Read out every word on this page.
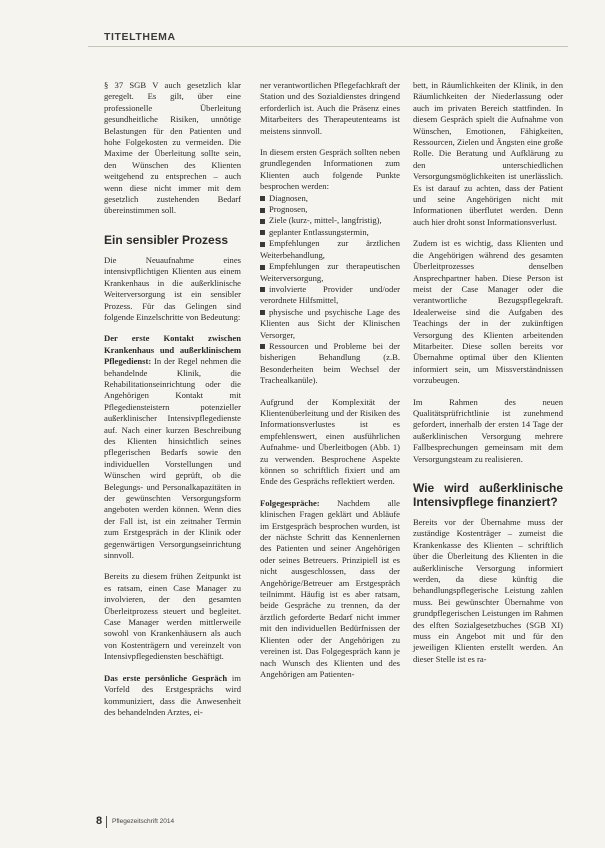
TITELTHEMA

§ 37 SGB V auch gesetzlich klar geregelt. Es gilt, über eine professionelle Überleitung gesundheitliche Risiken, unnötige Belastungen für den Patienten und hohe Folgekosten zu vermeiden. Die Maxime der Überleitung sollte sein, den Wünschen des Klienten weitgehend zu entsprechen – auch wenn diese nicht immer mit dem gesetzlich zustehenden Bedarf übereinstimmen soll.

Ein sensibler Prozess

Die Neuaufnahme eines intensivpflichtigen Klienten aus einem Krankenhaus in die außerklinische Weiterversorgung ist ein sensibler Prozess. Für das Gelingen sind folgende Einzelschritte von Bedeutung:

Der erste Kontakt zwischen Krankenhaus und außerklinischem Pflegedienst: In der Regel nehmen die behandelnde Klinik, die Rehabilitationseinrichtung oder die Angehörigen Kontakt mit Pflegediensteistern potenzieller außerklinischer Intensivpflegedienste auf. Nach einer kurzen Beschreibung des Klienten hinsichtlich seines pflegerischen Bedarfs sowie den individuellen Vorstellungen und Wünschen wird geprüft, ob die Belegungs- und Personalkapazitäten in der gewünschten Versorgungsform angeboten werden können. Wenn dies der Fall ist, ist ein zeitnaher Termin zum Erstgespräch in der Klinik oder gegenwärtigen Versorgungseinrichtung sinnvoll.

Bereits zu diesem frühen Zeitpunkt ist es ratsam, einen Case Manager zu involvieren, der den gesamten Überleitprozess steuert und begleitet. Case Manager werden mittlerweile sowohl von Krankenhäusern als auch von Kostenträgern und vereinzelt von Intensivpflegediensten beschäftigt.

Das erste persönliche Gespräch im Vorfeld des Erstgesprächs wird kommuniziert, dass die Anwesenheit des behandelnden Arztes, ei-

ner verantwortlichen Pflegefachkraft der Station und des Sozialdienstes dringend erforderlich ist. Auch die Präsenz eines Mitarbeiters des Therapeutenteams ist meistens sinnvoll.

In diesem ersten Gespräch sollten neben grundlegenden Informationen zum Klienten auch folgende Punkte besprochen werden:

Diagnosen,
Prognosen,
Ziele (kurz-, mittel-, langfristig),
geplanter Entlassungstermin,
Empfehlungen zur ärztlichen Weiterbehandlung,
Empfehlungen zur therapeutischen Weiterversorgung,
involvierte Provider und/oder verordnete Hilfsmittel,
physische und psychische Lage des Klienten aus Sicht der Klinischen Versorger,
Ressourcen und Probleme bei der bisherigen Behandlung (z.B. Besonderheiten beim Wechsel der Trachealkanüle).

Aufgrund der Komplexität der Klientenüberleitung und der Risiken des Informationsverlustes ist es empfehlenswert, einen ausführlichen Aufnahme- und Überleitbogen (Abb. 1) zu verwenden. Besprochene Aspekte können so schriftlich fixiert und am Ende des Gesprächs reflektiert werden.

Folgegespräche: Nachdem alle klinischen Fragen geklärt und Abläufe im Erstgespräch besprochen wurden, ist der nächste Schritt das Kennenlernen des Patienten und seiner Angehörigen oder seines Betreuers. Prinzipiell ist es nicht ausgeschlossen, dass der Angehörige/Betreuer am Erstgespräch teilnimmt. Häufig ist es aber ratsam, beide Gespräche zu trennen, da der ärztlich geforderte Bedarf nicht immer mit den individuellen Bedürfnissen der Klienten oder der Angehörigen zu vereinen ist. Das Folgegespräch kann je nach Wunsch des Klienten und des Angehörigen am Patienten-

bett, in Räumlichkeiten der Klinik, in den Räumlichkeiten der Niederlassung oder auch im privaten Bereich stattfinden. In diesem Gespräch spielt die Aufnahme von Wünschen, Emotionen, Fähigkeiten, Ressourcen, Zielen und Ängsten eine große Rolle. Die Beratung und Aufklärung zu den unterschiedlichen Versorgungsmöglichkeiten ist unerlässlich. Es ist darauf zu achten, dass der Patient und seine Angehörigen nicht mit Informationen überflutet werden. Denn auch hier droht sonst Informationsverlust.

Zudem ist es wichtig, dass Klienten und die Angehörigen während des gesamten Überleitprozesses denselben Ansprechpartner haben. Diese Person ist meist der Case Manager oder die verantwortliche Bezugspflegekraft. Idealerweise sind die Aufgaben des Teachings der in der zukünftigen Versorgung des Klienten arbeitenden Mitarbeiter. Diese sollen bereits vor Übernahme optimal über den Klienten informiert sein, um Missverständnissen vorzubeugen.

Im Rahmen des neuen Qualitätsprüfrichtlinie ist zunehmend gefordert, innerhalb der ersten 14 Tage der außerklinischen Versorgung mehrere Fallbesprechungen gemeinsam mit dem Versorgungsteam zu realisieren.

Wie wird außerklinische Intensivpflege finanziert?

Bereits vor der Übernahme muss der zuständige Kostenträger – zumeist die Krankenkasse des Klienten – schriftlich über die Überleitung des Klienten in die außerklinische Versorgung informiert werden, da diese künftig die behandlungspflegerische Leistung zahlen muss. Bei gewünschter Übernahme von grundpflegerischen Leistungen im Rahmen des elften Sozialgesetzbuches (SGB XI) muss ein Angebot mit und für den jeweiligen Klienten erstellt werden. An dieser Stelle ist es ra-

8 Pflegezeitschrift 2014
